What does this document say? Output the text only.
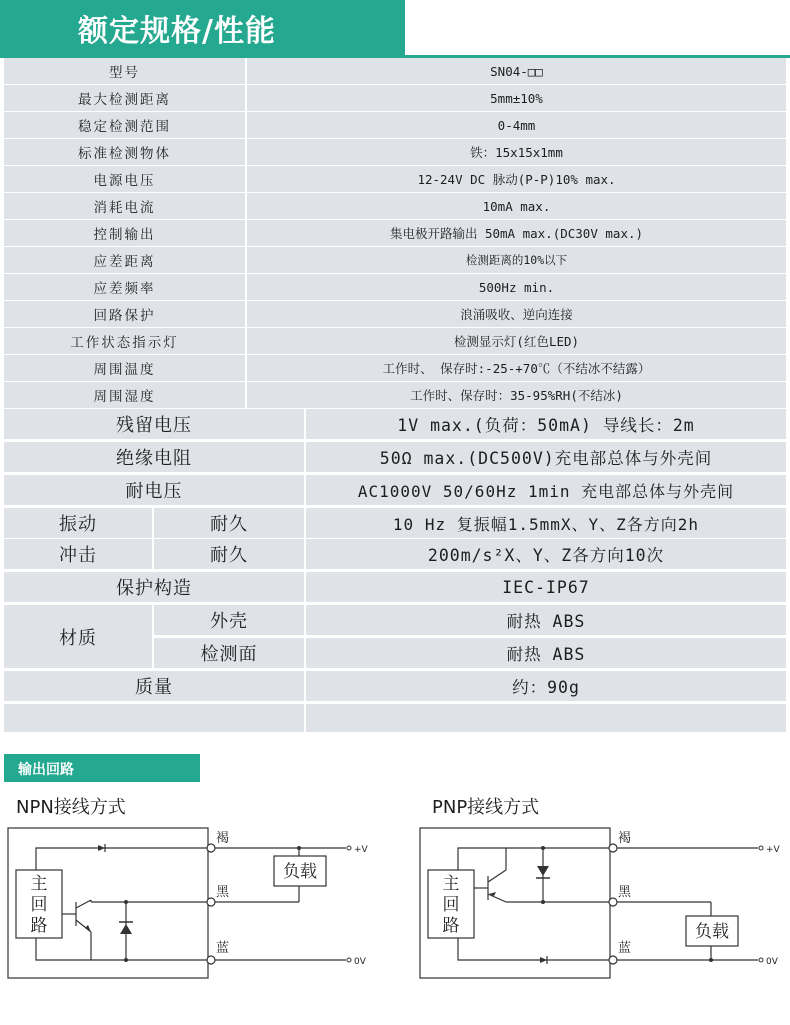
额定规格/性能
型号	SN04-□□
最大检测距离	5mm±10%
稳定检测范围	0-4mm
标准检测物体	铁：15x15x1mm
电源电压	12-24V DC 脉动(P-P)10% max.
消耗电流	10mA max.
控制输出	集电极开路输出 50mA max.(DC30V max.)
应差距离	检测距离的10%以下
应差频率	500Hz min.
回路保护	浪涌吸收、逆向连接
工作状态指示灯	检测显示灯(红色LED)
周围温度	工作时、 保存时:-25-+70℃（不结冰不结露）
周围湿度	工作时、保存时：35-95%RH(不结冰)
残留电压	1V max.(负荷：50mA) 导线长：2m
绝缘电阻	50Ω max.(DC500V)充电部总体与外壳间
耐电压	AC1000V 50/60Hz 1min 充电部总体与外壳间
振动	耐久	10 Hz 复振幅1.5mmX、Y、Z各方向2h
冲击	耐久	200m/s²X、Y、Z各方向10次
保护构造	IEC-IP67
材质
外壳	耐热 ABS
检测面	耐热 ABS
质量	约：90g
输出回路
NPN接线方式	PNP接线方式
负载
主
回
路
褐
黑
蓝
+V
0V
负载
主
回
路
褐
黑
蓝
+V
0V
